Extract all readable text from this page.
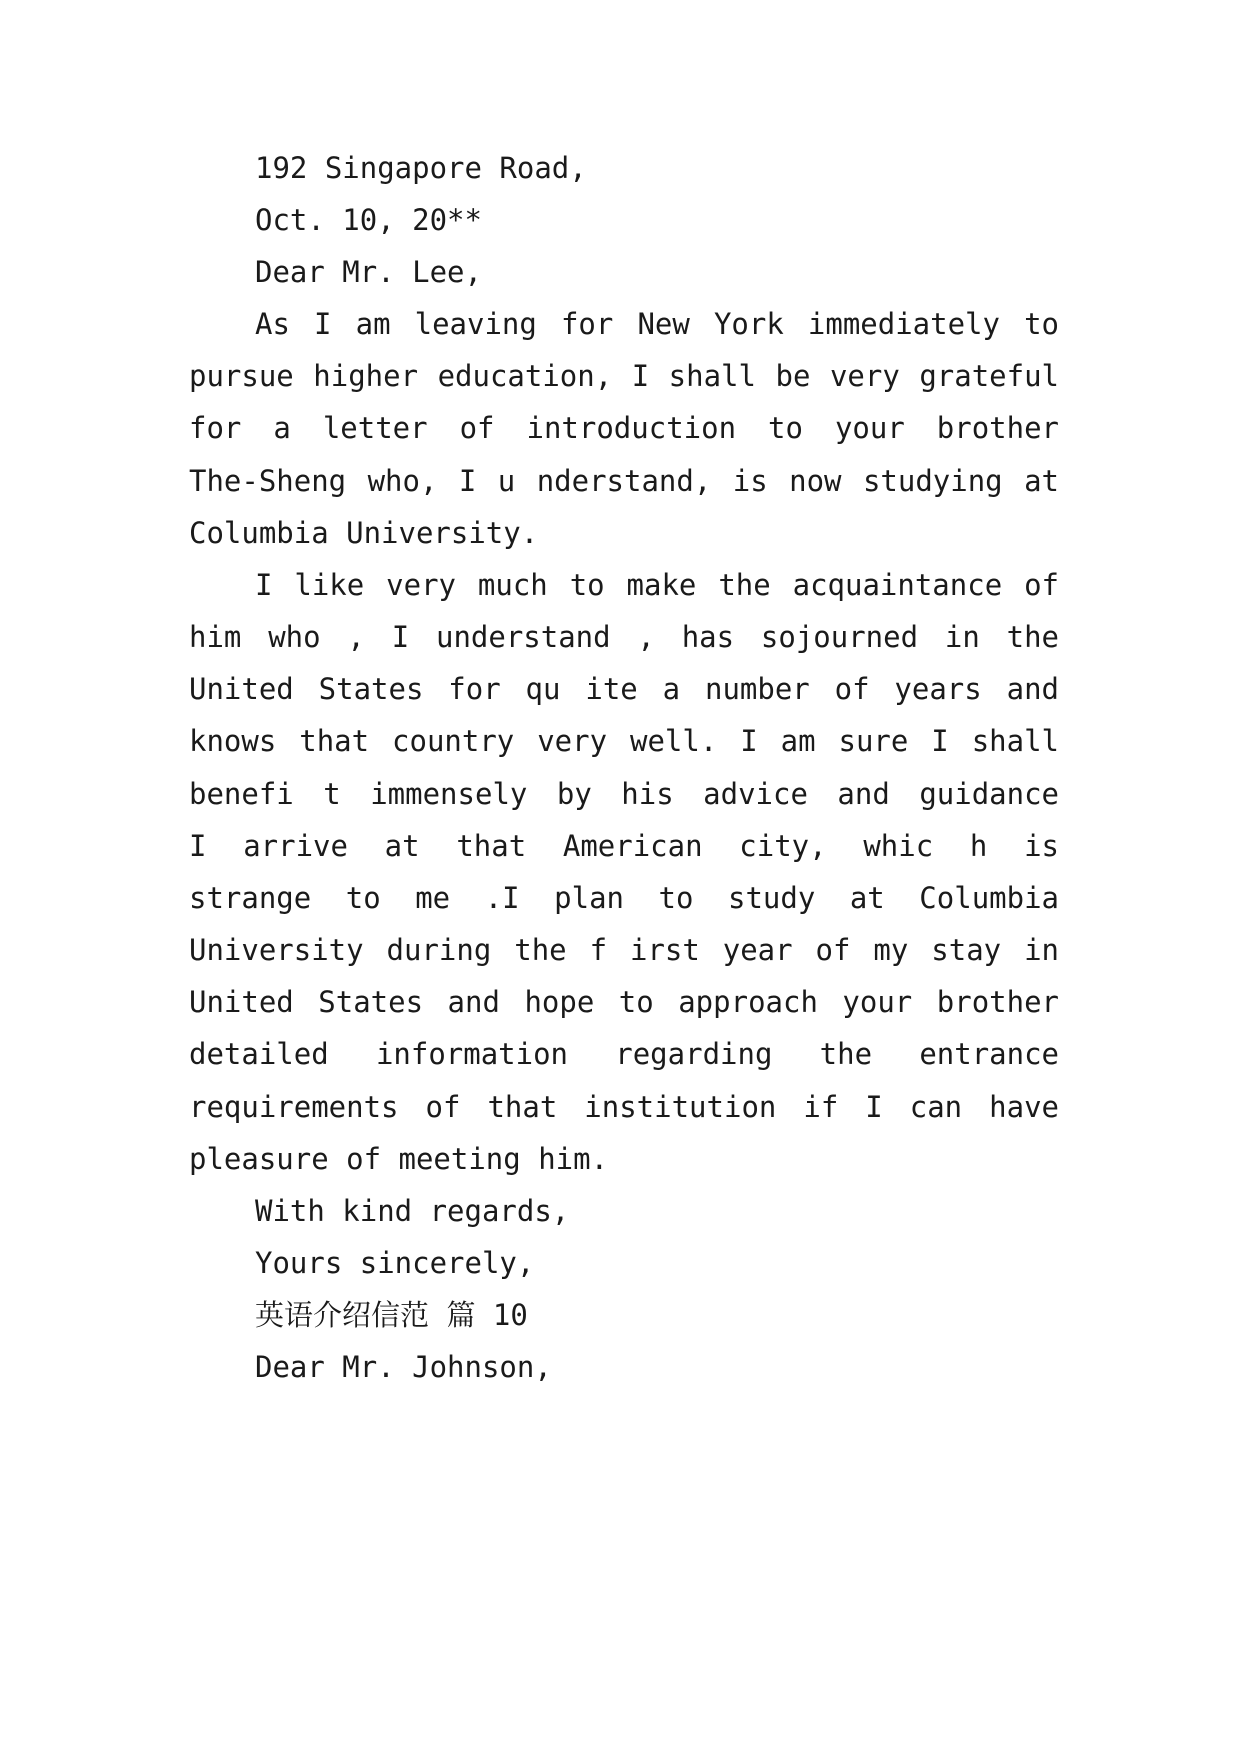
192 Singapore Road,
Oct. 10, 20**
Dear Mr. Lee,
As I am leaving for New York immediately to
pursue higher education, I shall be very grateful
for a letter of introduction to your brother
The-Sheng who, I u nderstand, is now studying at
Columbia University.
I like very much to make the acquaintance of
him who , I understand , has sojourned in the
United States for qu ite a number of years and
knows that country very well. I am sure I shall
benefi t immensely by his advice and guidance
I arrive at that American city, whic h is
strange to me .I plan to study at Columbia
University during the f irst year of my stay in
United States and hope to approach your brother
detailed information regarding the entrance
requirements of that institution if I can have
pleasure of meeting him.
With kind regards,
Yours sincerely,
英语介绍信范 篇 10
Dear Mr. Johnson,
